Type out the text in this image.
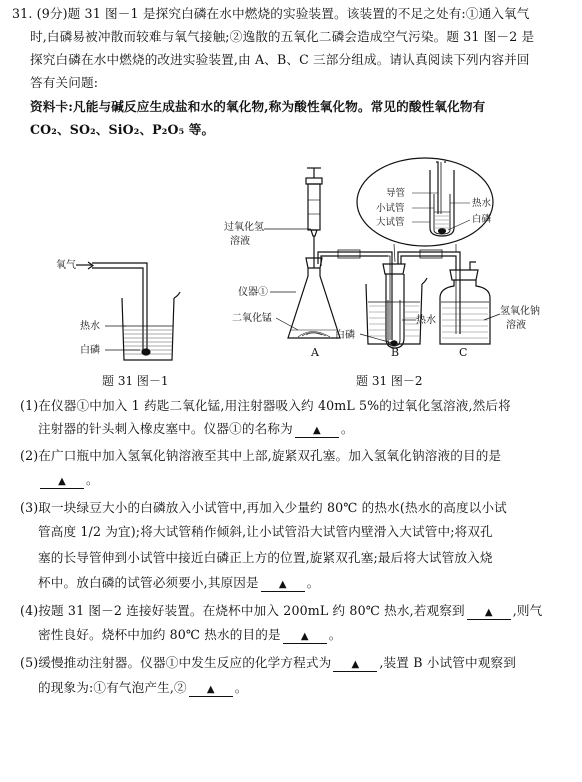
31. (9分)题 31 图－1 是探究白磷在水中燃烧的实验装置。该装置的不足之处有:①通入氧气
时,白磷易被冲散而较难与氧气接触;②逸散的五氧化二磷会造成空气污染。题 31 图－2 是
探究白磷在水中燃烧的改进实验装置,由 A、B、C 三部分组成。请认真阅读下列内容并回
答有关问题:
资料卡:凡能与碱反应生成盐和水的氧化物,称为酸性氧化物。常见的酸性氧化物有
CO₂、SO₂、SiO₂、P₂O₅ 等。
氧气
热水
白磷
过氧化氢
溶液
仪器①
二氧化锰
白磷
热水
氢氧化钠
溶液
A	B	C
导管
小试管
大试管
热水
白磷
题 31 图－1	题 31 图－2
(1)在仪器①中加入 1 药匙二氧化锰,用注射器吸入约 40mL 5%的过氧化氢溶液,然后将
注射器的针头刺入橡皮塞中。仪器①的名称为 ▲ 。
(2)在广口瓶中加入氢氧化钠溶液至其中上部,旋紧双孔塞。加入氢氧化钠溶液的目的是
▲ 。
(3)取一块绿豆大小的白磷放入小试管中,再加入少量约 80℃ 的热水(热水的高度以小试
管高度 1/2 为宜);将大试管稍作倾斜,让小试管沿大试管内壁滑入大试管中;将双孔
塞的长导管伸到小试管中接近白磷正上方的位置,旋紧双孔塞;最后将大试管放入烧
杯中。放白磷的试管必须要小,其原因是 ▲ 。
(4)按题 31 图－2 连接好装置。在烧杯中加入 200mL 约 80℃ 热水,若观察到 ▲ ,则气
密性良好。烧杯中加约 80℃ 热水的目的是 ▲ 。
(5)缓慢推动注射器。仪器①中发生反应的化学方程式为 ▲ ,装置 B 小试管中观察到
的现象为:①有气泡产生,② ▲ 。
